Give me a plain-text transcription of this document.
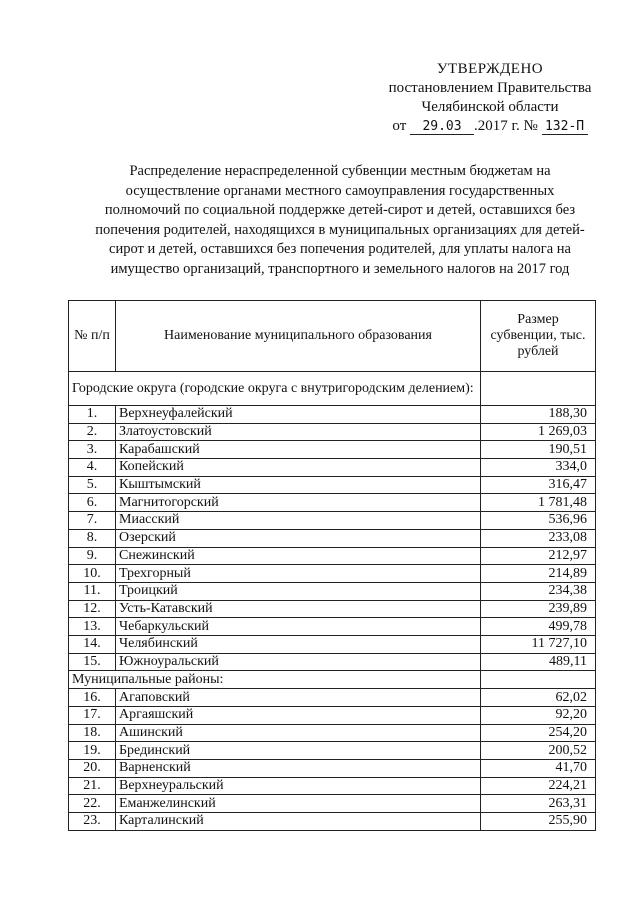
УТВЕРЖДЕНО
постановлением Правительства
Челябинской области
от 29.03 .2017 г. № 132-П
Распределение нераспределенной субвенции местным бюджетам на осуществление органами местного самоуправления государственных полномочий по социальной поддержке детей-сирот и детей, оставшихся без попечения родителей, находящихся в муниципальных организациях для детей-сирот и детей, оставшихся без попечения родителей, для уплаты налога на имущество организаций, транспортного и земельного налогов на 2017 год
№ п/п	Наименование муниципального образования	Размер субвенции, тыс. рублей
Городские округа (городские округа с внутригородским делением):		
1.	Верхнеуфалейский	188,30
2.	Златоустовский	1 269,03
3.	Карабашский	190,51
4.	Копейский	334,0
5.	Кыштымский	316,47
6.	Магнитогорский	1 781,48
7.	Миасский	536,96
8.	Озерский	233,08
9.	Снежинский	212,97
10.	Трехгорный	214,89
11.	Троицкий	234,38
12.	Усть-Катавский	239,89
13.	Чебаркульский	499,78
14.	Челябинский	11 727,10
15.	Южноуральский	489,11
Муниципальные районы:		
16.	Агаповский	62,02
17.	Аргаяшский	92,20
18.	Ашинский	254,20
19.	Брединский	200,52
20.	Варненский	41,70
21.	Верхнеуральский	224,21
22.	Еманжелинский	263,31
23.	Карталинский	255,90
